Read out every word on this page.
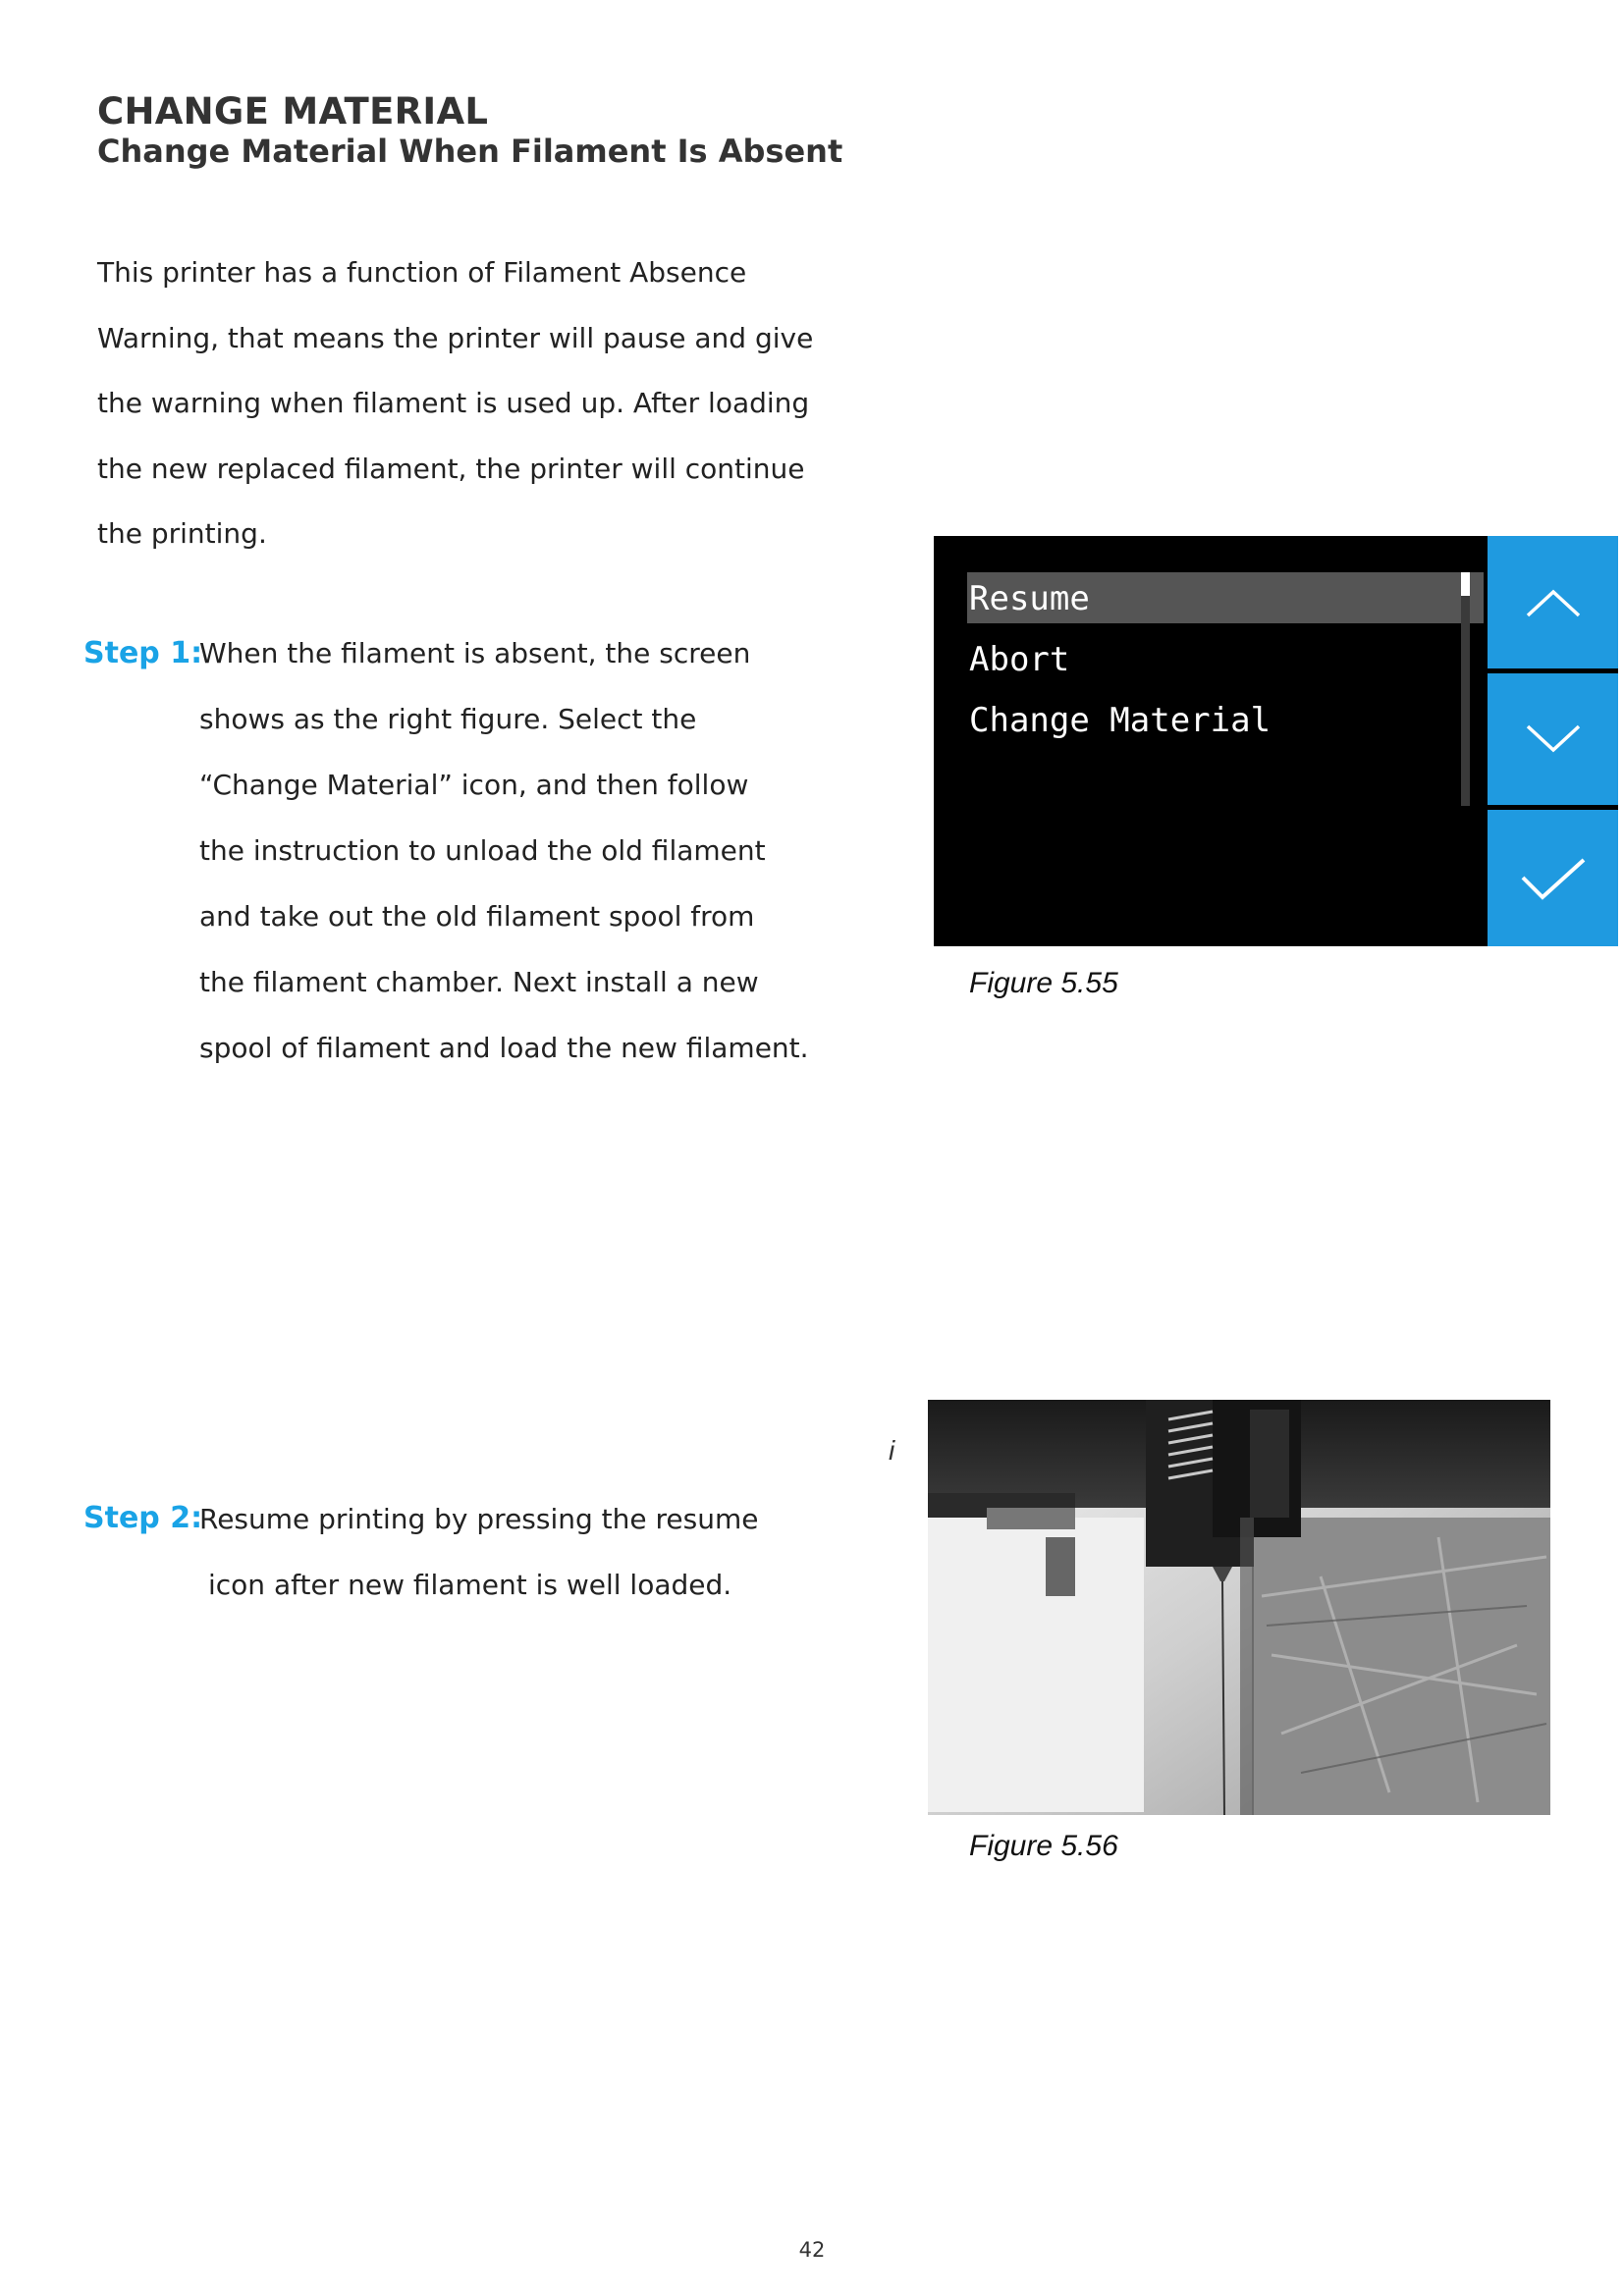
CHANGE MATERIAL
Change Material When Filament Is Absent
This printer has a function of Filament Absence
Warning, that means the printer will pause and give
the warning when filament is used up. After loading
the new replaced filament, the printer will continue
the printing.
Step 1:
When the filament is absent, the screen
shows as the right figure. Select the
“Change Material” icon, and then follow
the instruction to unload the old filament
and take out the old filament spool from
the filament chamber. Next install a new
spool of filament and load the new filament.
Step 2:
Resume printing by pressing the resume
icon after new filament is well loaded.
Resume
Abort
Change Material
Figure 5.55
i
Figure 5.56
42
